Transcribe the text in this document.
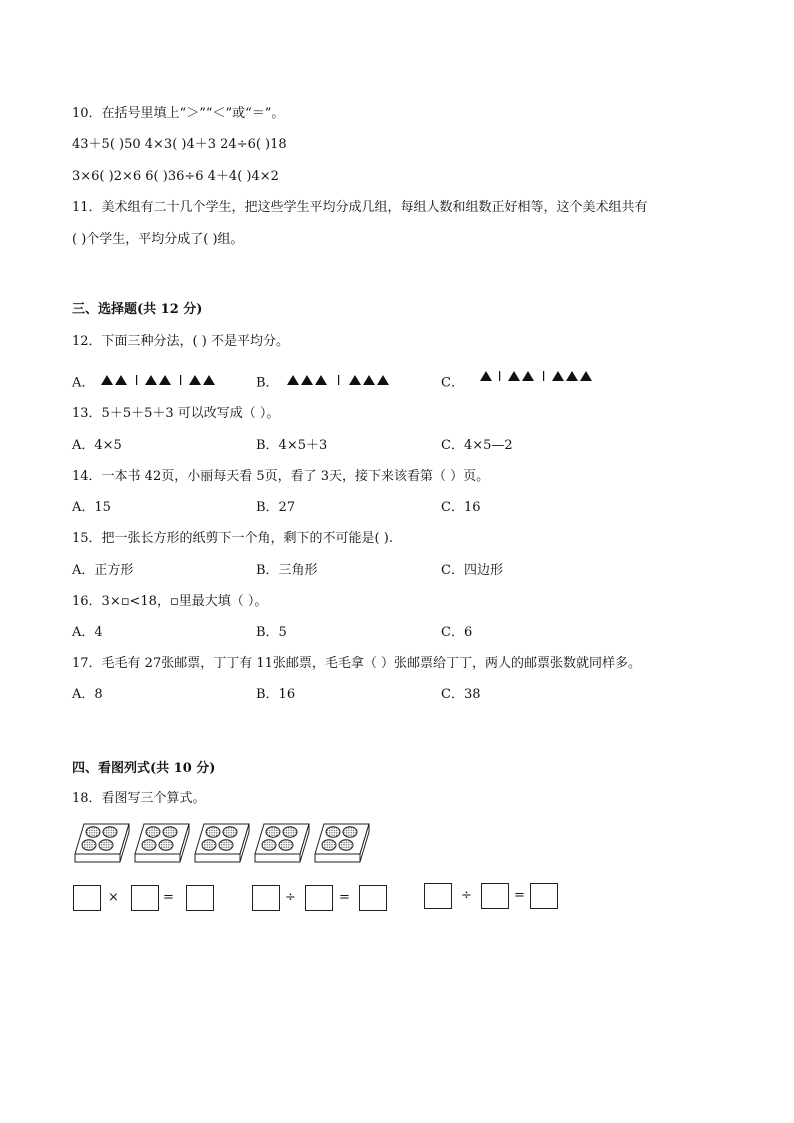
10．在括号里填上“＞”“＜”或“＝”。
43＋5( )50 4×3( )4＋3 24÷6( )18
3×6( )2×6 6( )36÷6 4＋4( )4×2
11．美术组有二十几个学生，把这些学生平均分成几组，每组人数和组数正好相等，这个美术组共有
( )个学生，平均分成了( )组。
三、选择题(共 12 分)
12．下面三种分法，( ) 不是平均分。
A．	B．	C．
13．5＋5＋5＋3 可以改写成（ ）。
A．4×5	B．4×5＋3	C．4×5—2
14．一本书 42页，小丽每天看 5页，看了 3天，接下来该看第（ ）页。
A．15	B．27	C．16
15．把一张长方形的纸剪下一个角，剩下的不可能是( ).
A．正方形	B．三角形	C．四边形
16．3×▫<18，▫里最大填（ ）。
A．4	B．5	C．6
17．毛毛有 27张邮票，丁丁有 11张邮票，毛毛拿（ ）张邮票给丁丁，两人的邮票张数就同样多。
A．8	B．16	C．38
四、看图列式(共 10 分)
18．看图写三个算式。
×	=	÷	=	÷	=
